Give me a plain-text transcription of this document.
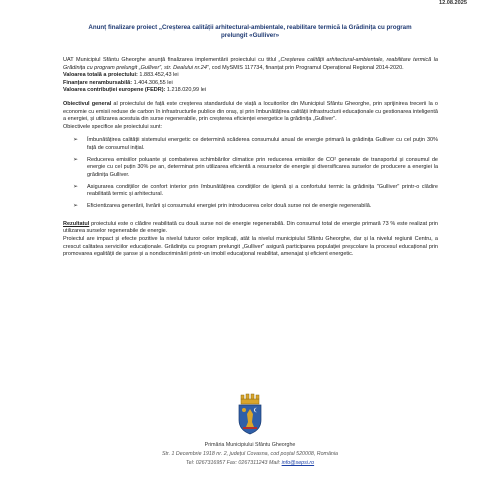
12.08.2025
Anunț finalizare proiect „Creșterea calității arhitectural-ambientale, reabilitare termică la Grădinița cu program
prelungit «Gulliver»

UAT Municipiul Sfântu Gheorghe anunță finalizarea implementării proiectului cu titlul „Creșterea calității arhitectural-ambientale, reabilitare termică la Grădinița cu program prelungit „Gulliver”, str. Dealului nr.24”, cod MySMIS 117734, finanțat prin Programul Operațional Regional 2014-2020.

Valoarea totală a proiectului: 1.883.452,43 lei

Finanțare nerambursabilă: 1.404.306,55 lei

Valoarea contribuției europene (FEDR): 1.218.020,99 lei

Obiectivul general al proiectului de față este creșterea standardului de viață a locuitorilor din Municipiul Sfântu Gheorghe, prin sprijinirea trecerii la o economie cu emisii reduse de carbon în infrastructurile publice din oraș, și prin îmbunătățirea calității infrastructurii educaționale cu gestionarea inteligentă a energiei, și utilizarea acestuia din surse regenerabile, prin creșterea eficienței energetice la grădinița „Gulliver”.

Obiectivele specifice ale proiectului sunt:

➢ Îmbunătățirea calității sistemului energetic ce determină scăderea consumului anual de energie primară la grădinița Gulliver cu cel puțin 30% față de consumul inițial.
➢ Reducerea emisiilor poluante și combaterea schimbărilor climatice prin reducerea emisiilor de CO² generate de transportul și consumul de energie cu cel puțin 30% pe an, determinat prin utilizarea eficientă a resurselor de energie și diversificarea surselor de producere a energiei la grădinița Gulliver.
➢ Asigurarea condițiilor de confort interior prin îmbunătățirea condițiilor de igienă și a confortului termic la grădinița "Gulliver" printr-o clădire reabilitată termic și arhitectural.
➢ Eficientizarea generării, livrării și consumului energiei prin introducerea celor două surse noi de energie regenerabilă.

Rezultatul proiectului este o clădire reabilitată cu două surse noi de energie regenerabilă. Din consumul total de energie primară 73 % este realizat prin utilizarea surselor regenerabile de energie.

Proiectul are impact și efecte pozitive la nivelul tuturor celor implicați, atât la nivelul municipiului Sfântu Gheorghe, dar și la nivelul regiunii Centru, a crescut calitatea serviciilor educaționale. Grădinița cu program prelungit „Gulliver” asigură participarea populației preșcolare la procesul educațional prin promovarea egalității de șanse și a nondiscriminării printr-un imobil educațional reabilitat, amenajat și eficient energetic.

Primăria Municipiului Sfântu Gheorghe
Str. 1 Decembrie 1918 nr. 2, județul Covasna, cod poștal 520008, România
Tel: 0267316957 Fax: 0267311243 Mail: info@sepsi.ro
